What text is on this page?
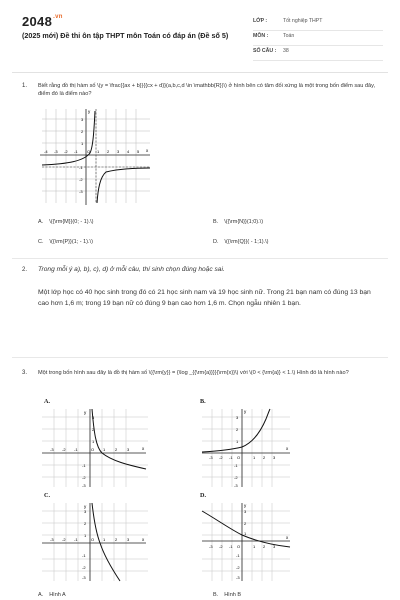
$2048^{.vn}$
(2025 mới) Đề thi ôn tập THPT môn Toán có đáp án (Đề số 5)
LỚP :	Tốt nghiệp THPT
MÔN :	Toán
SỐ CÂU : 38
1. Biết rằng đồ thị hàm số \(y = \frac{{ax + b}}{{cx + d}}(a,b,c,d \in \mathbb{R})\) ở hình bên có tâm đối xứng là một trong bốn điểm sau đây, điểm đó là điểm nào?
-4 -3 -2 -1 O 1 2 3 4 5 x
y
3
2
1
-1
-2
-3
A. \({\rm{M}}(0; - 1).\)	B. \({\rm{N}}(1;0).\)
C. \({\rm{P}}(1; - 1).\)	D. \({\rm{Q}}( - 1;1).\)
2. Trong mỗi ý a), b), c), d) ở mỗi câu, thí sinh chọn đúng hoặc sai.
Một lớp học có 40 học sinh trong đó có 21 học sinh nam và 19 học sinh nữ. Trong 21 bạn nam có đúng 13 bạn cao hơn 1,6 m; trong 19 bạn nữ có đúng 9 bạn cao hơn 1,6 m. Chọn ngẫu nhiên 1 bạn.
3. Một trong bốn hình sau đây là đồ thị hàm số \({\rm{y}} = {\log _{{\rm{a}}}}{\rm{x}}\) với \(0 < {\rm{a}} < 1.\) Hình đó là hình nào?
A.
-3 -2 -1	O 1 2 3	x
y
3
2
1
-1
-2
-3
B.
-3 -2 -1 O	1 2 3
x
y
3
2
1
-1
-2
-3
C.
-3 -2 -1	O 1 2 3	x
y
3
2
1
-1
-2
-3
D.
-3 -2 -1 O	1 2 3
x
y
3
2
1
-1
-2
-3
A. Hình A	B. Hình B
